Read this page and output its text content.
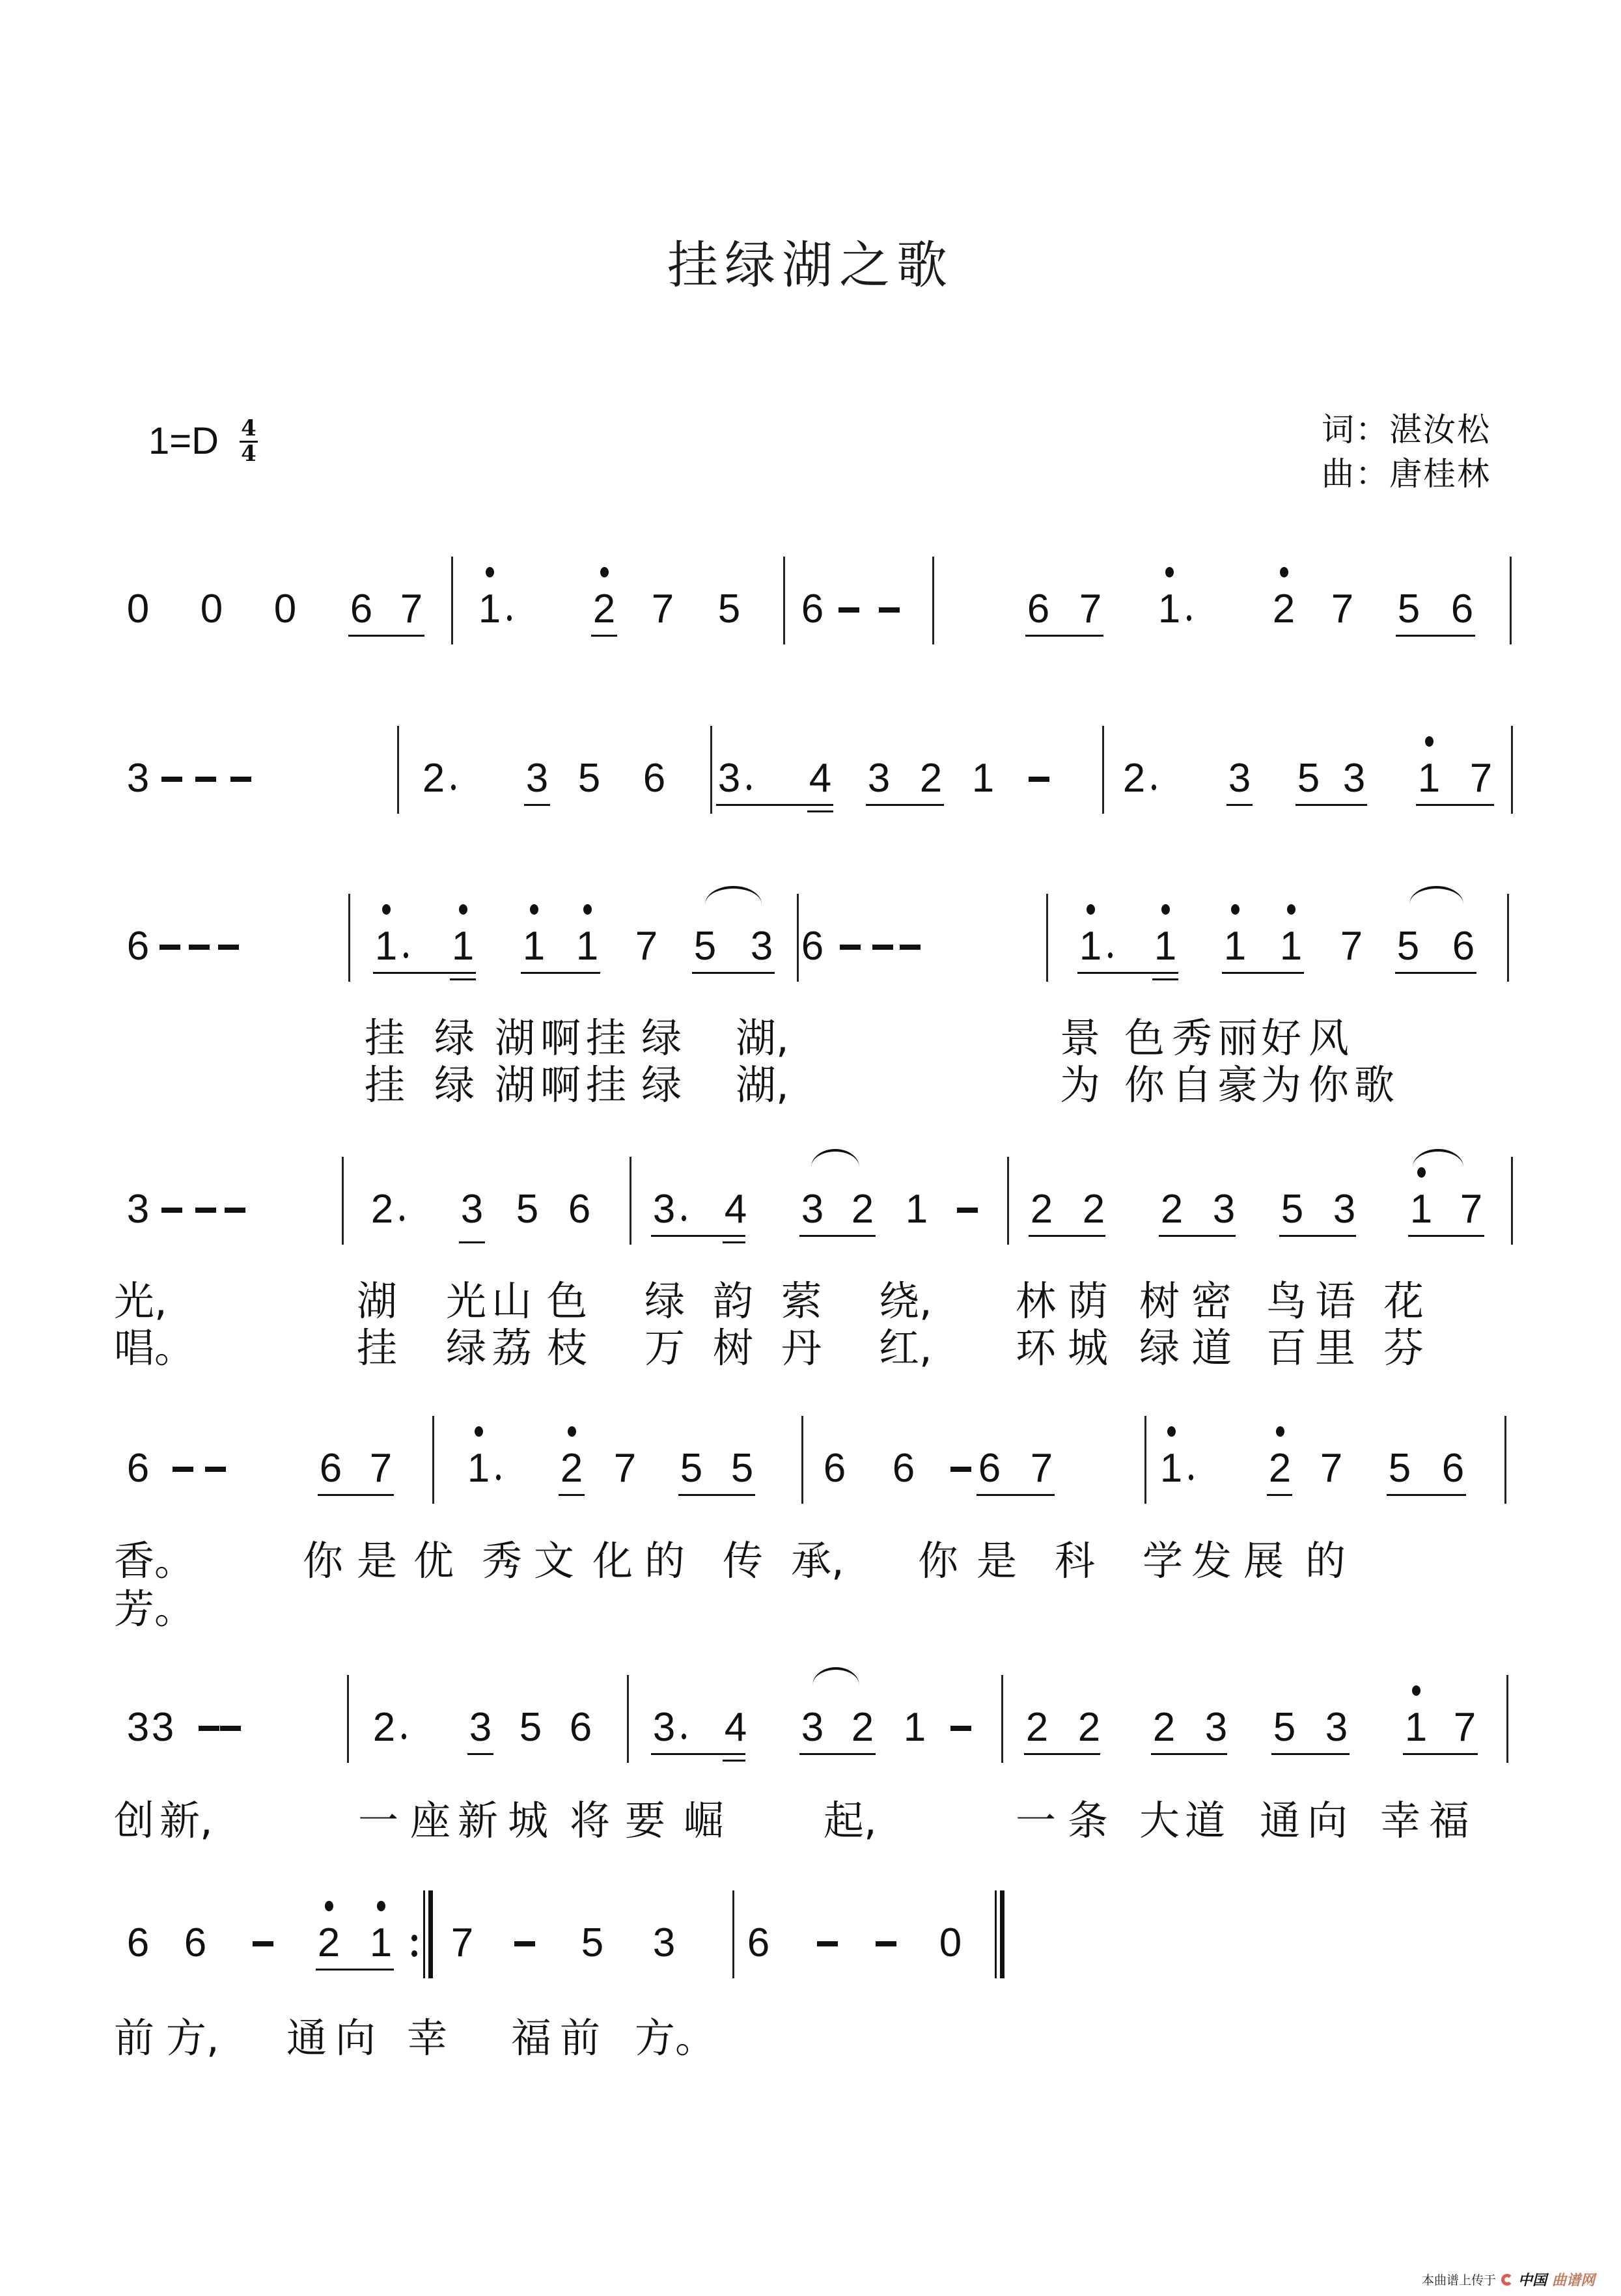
挂绿湖之歌
$1=D \frac{4}{4}$	词：湛汝松
曲：唐桂林
0 0 0 6 7 1 2 7 5 6	6 7 1 2 7 5 6
3	2 3 5 6 3 4 3 2 1	2 3 5 3 1 7
6	1 1 1 1 7 5 3 6	1 1 1 1 7 5 6
挂 绿 湖 啊 挂 绿 湖,	景 色 秀 丽 好 风
挂 绿 湖 啊 挂 绿 湖,	为 你 自 豪 为 你 歌
3	2 3 5 6 3 4 3 2 1	2 2 2 3 5 3 1 7
光,	湖 光 山 色 绿 韵 萦 绕, 林 荫 树 密 鸟 语 花
唱。	挂 绿 荔 枝 万 树 丹 红, 环 城 绿 道 百 里 芬
6	6 7 1 2 7 5 5 6 6 6 7	1 2 7 5 6
香。	你 是 优 秀 文 化 的 传 承, 你 是 科 学 发 展 的
芳。
3 3	2 3 5 6 3 4 3 2 1 2 2 2 3 5 3 1 7
创 新,	一 座 新 城 将 要 崛 起,	一 条 大 道 通 向 幸 福
6 6	2 1 7	5 3 6	0
前 方, 通 向 幸 福 前 方。
本曲谱上传于 中国 曲谱网
